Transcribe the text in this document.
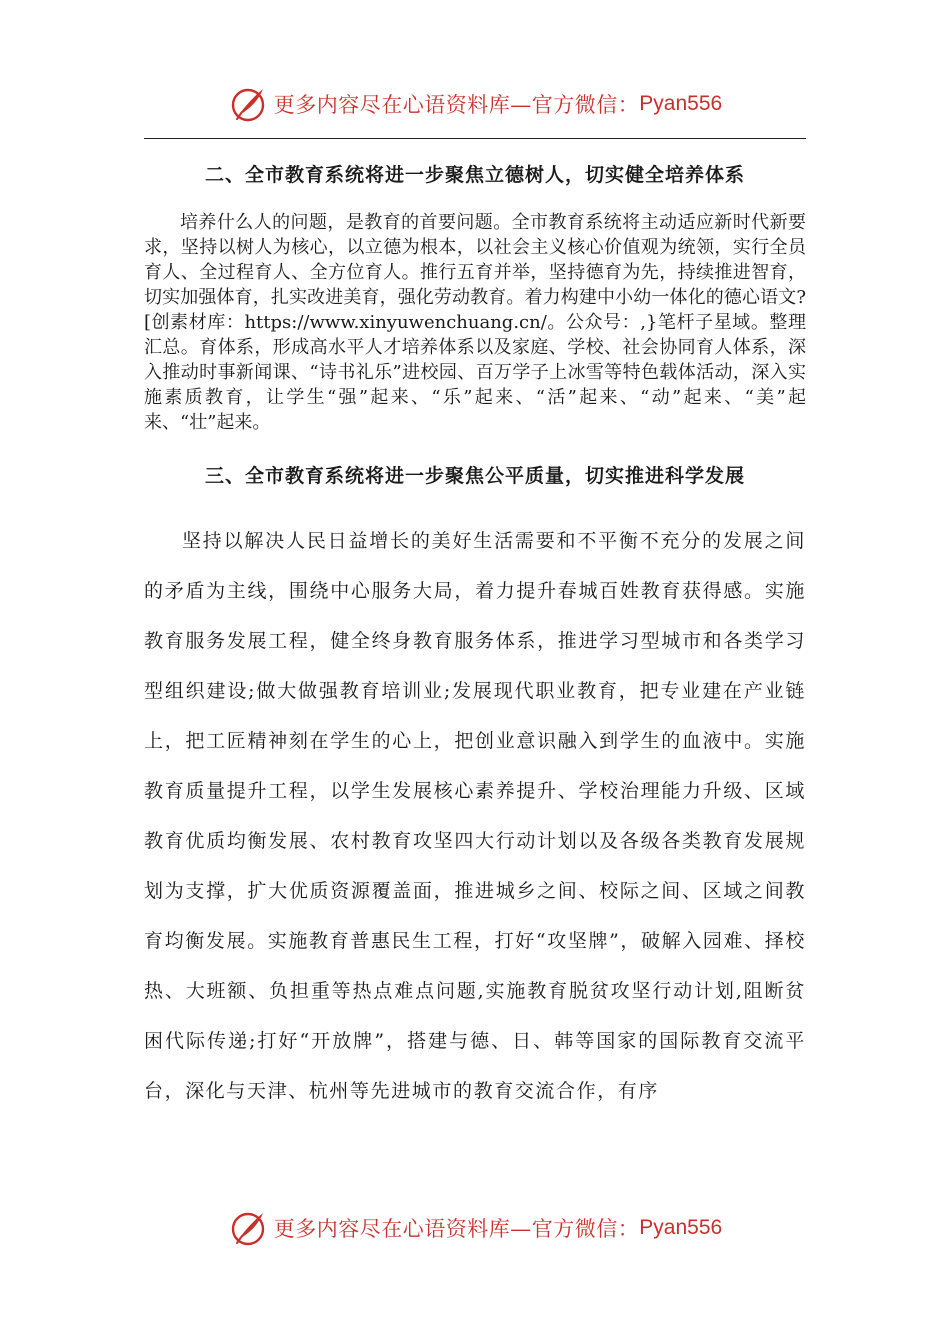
更多内容尽在心语资料库—官方微信： Pyan556
二、全市教育系统将进一步聚焦立德树人，切实健全培养体系

培养什么人的问题，是教育的首要问题。全市教育系统将主动适应新时代新要求，坚持以树人为核心，以立德为根本，以社会主义核心价值观为统领，实行全员育人、全过程育人、全方位育人。推行五育并举，坚持德育为先，持续推进智育，切实加强体育，扎实改进美育，强化劳动教育。着力构建中小幼一体化的德心语文?[创素材库：https://www.xinyuwenchuang.cn/。公众号：,}笔杆子星域。整理汇总。育体系，形成高水平人才培养体系以及家庭、学校、社会协同育人体系，深入推动时事新闻课、“诗书礼乐”进校园、百万学子上冰雪等特色载体活动，深入实施素质教育，让学生“强”起来、“乐”起来、“活”起来、“动”起来、“美”起来、“壮”起来。

三、全市教育系统将进一步聚焦公平质量，切实推进科学发展

坚持以解决人民日益增长的美好生活需要和不平衡不充分的发展之间的矛盾为主线，围绕中心服务大局，着力提升春城百姓教育获得感。实施教育服务发展工程，健全终身教育服务体系，推进学习型城市和各类学习型组织建设;做大做强教育培训业;发展现代职业教育，把专业建在产业链上，把工匠精神刻在学生的心上，把创业意识融入到学生的血液中。实施教育质量提升工程，以学生发展核心素养提升、学校治理能力升级、区域教育优质均衡发展、农村教育攻坚四大行动计划以及各级各类教育发展规划为支撑，扩大优质资源覆盖面，推进城乡之间、校际之间、区域之间教育均衡发展。实施教育普惠民生工程，打好“攻坚牌”，破解入园难、择校热、大班额、负担重等热点难点问题,实施教育脱贫攻坚行动计划,阻断贫困代际传递;打好“开放牌”，搭建与德、日、韩等国家的国际教育交流平台，深化与天津、杭州等先进城市的教育交流合作，有序

更多内容尽在心语资料库—官方微信： Pyan556
